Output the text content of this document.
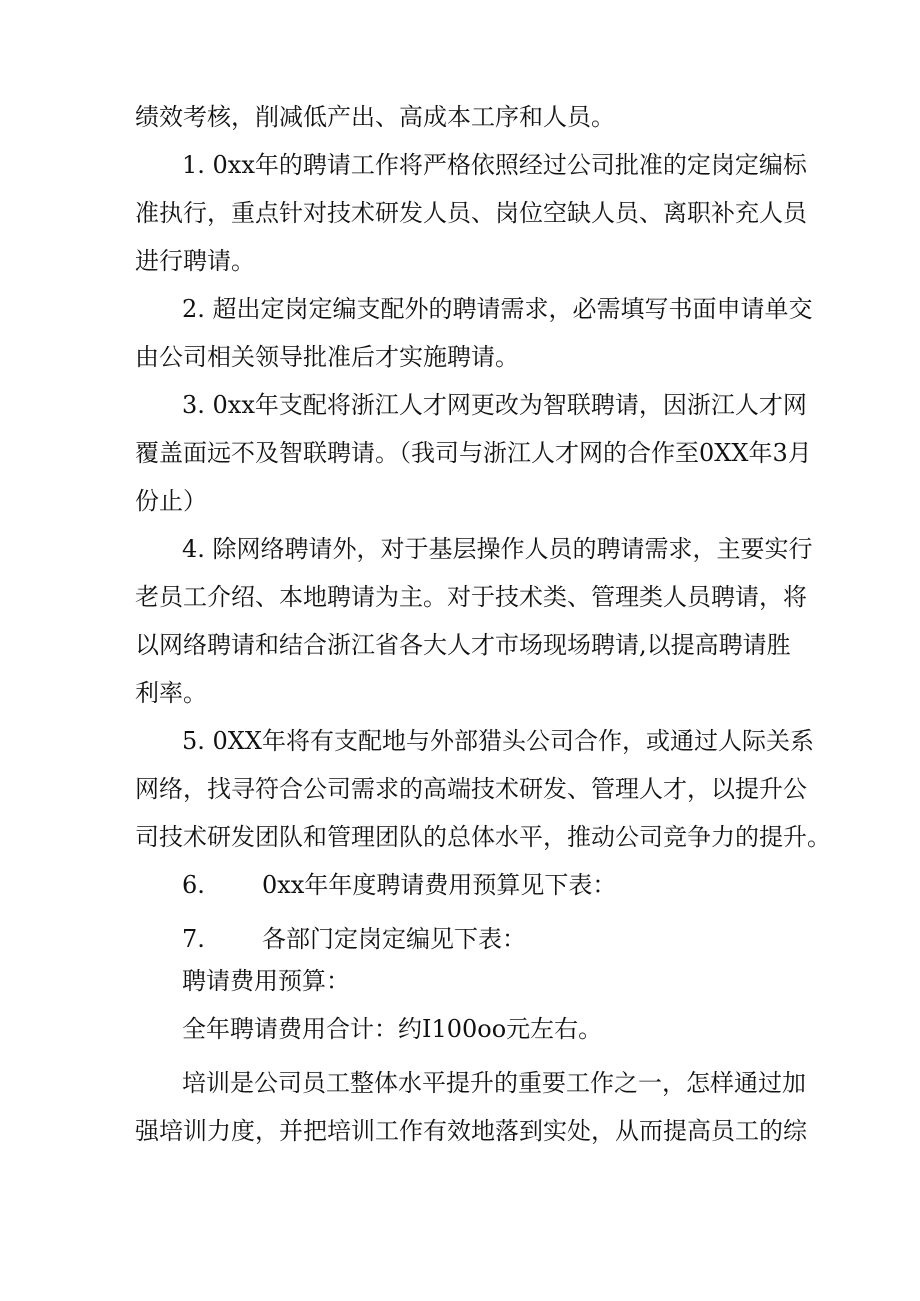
绩效考核，削减低产出、高成本工序和人员。

1. 0xx年的聘请工作将严格依照经过公司批准的定岗定编标

准执行，重点针对技术研发人员、岗位空缺人员、离职补充人员

进行聘请。

2. 超出定岗定编支配外的聘请需求，必需填写书面申请单交

由公司相关领导批准后才实施聘请。

3. 0xx年支配将浙江人才网更改为智联聘请，因浙江人才网

覆盖面远不及智联聘请。（我司与浙江人才网的合作至0XX年3月

份止）

4. 除网络聘请外，对于基层操作人员的聘请需求，主要实行

老员工介绍、本地聘请为主。对于技术类、管理类人员聘请，将

以网络聘请和结合浙江省各大人才市场现场聘请,以提高聘请胜

利率。

5. 0XX年将有支配地与外部猎头公司合作，或通过人际关系

网络，找寻符合公司需求的高端技术研发、管理人才，以提升公

司技术研发团队和管理团队的总体水平，推动公司竞争力的提升。

6. 0xx年年度聘请费用预算见下表：

7. 各部门定岗定编见下表：

聘请费用预算：

全年聘请费用合计：约I100oo元左右。

培训是公司员工整体水平提升的重要工作之一，怎样通过加

强培训力度，并把培训工作有效地落到实处，从而提高员工的综
